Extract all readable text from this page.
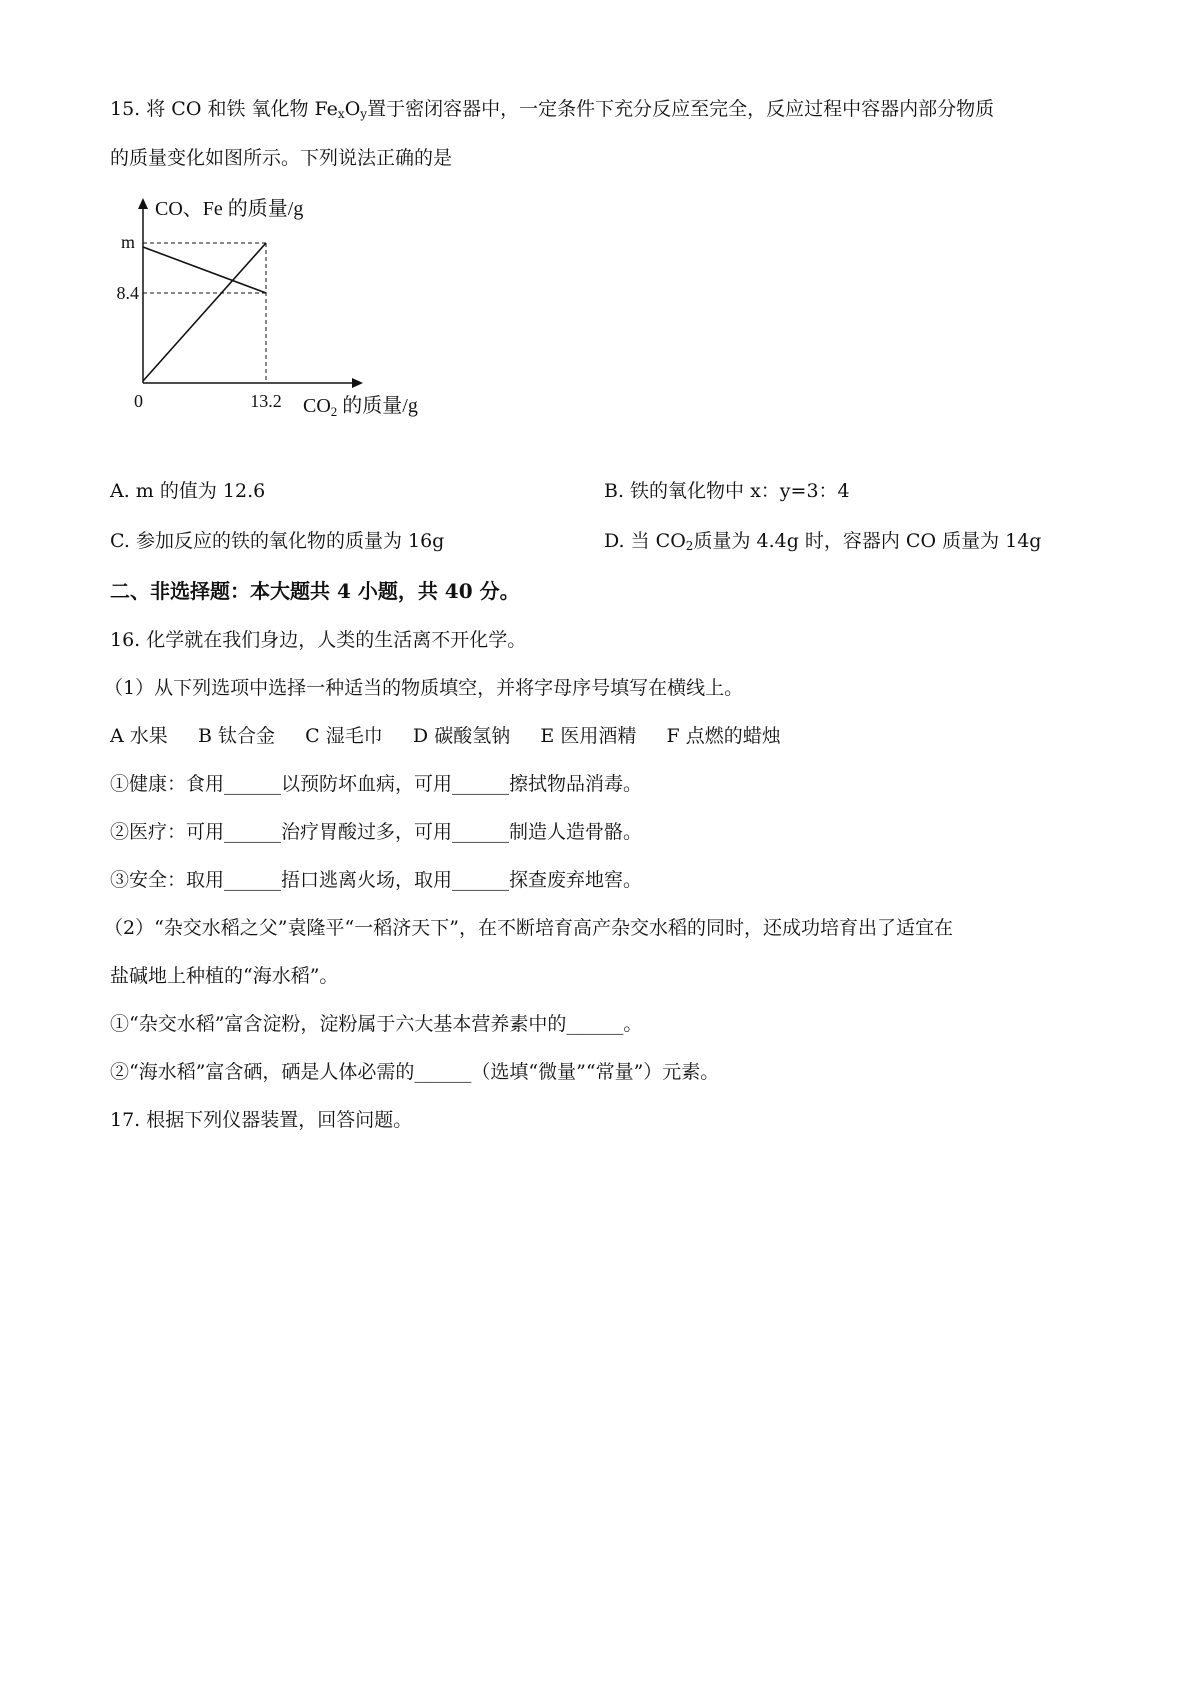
15. 将 CO 和铁 氧化物 $Fe_xO_y$置于密闭容器中，一定条件下充分反应至完全，反应过程中容器内部分物质
的质量变化如图所示。下列说法正确的是
CO、Fe 的质量/g
$CO_2$ 的质量/g
m
8.4
0	13.2
A. m 的值为 12.6	B. 铁的氧化物中 x：y=3：4
C. 参加反应的铁的氧化物的质量为 16g	D. 当 $CO_2$质量为 4.4g 时，容器内 CO 质量为 14g
二、非选择题：本大题共 4 小题，共 40 分。
16. 化学就在我们身边，人类的生活离不开化学。
（1）从下列选项中选择一种适当的物质填空，并将字母序号填写在横线上。
A 水果     B 钛合金     C 湿毛巾     D 碳酸氢钠     E 医用酒精     F 点燃的蜡烛
①健康：食用______以预防坏血病，可用______擦拭物品消毒。
②医疗：可用______治疗胃酸过多，可用______制造人造骨骼。
③安全：取用______捂口逃离火场，取用______探查废弃地窖。
（2）“杂交水稻之父”袁隆平“一稻济天下”，在不断培育高产杂交水稻的同时，还成功培育出了适宜在
盐碱地上种植的“海水稻”。
①“杂交水稻”富含淀粉，淀粉属于六大基本营养素中的______。
②“海水稻”富含硒，硒是人体必需的______（选填“微量”“常量”）元素。
17. 根据下列仪器装置，回答问题。
